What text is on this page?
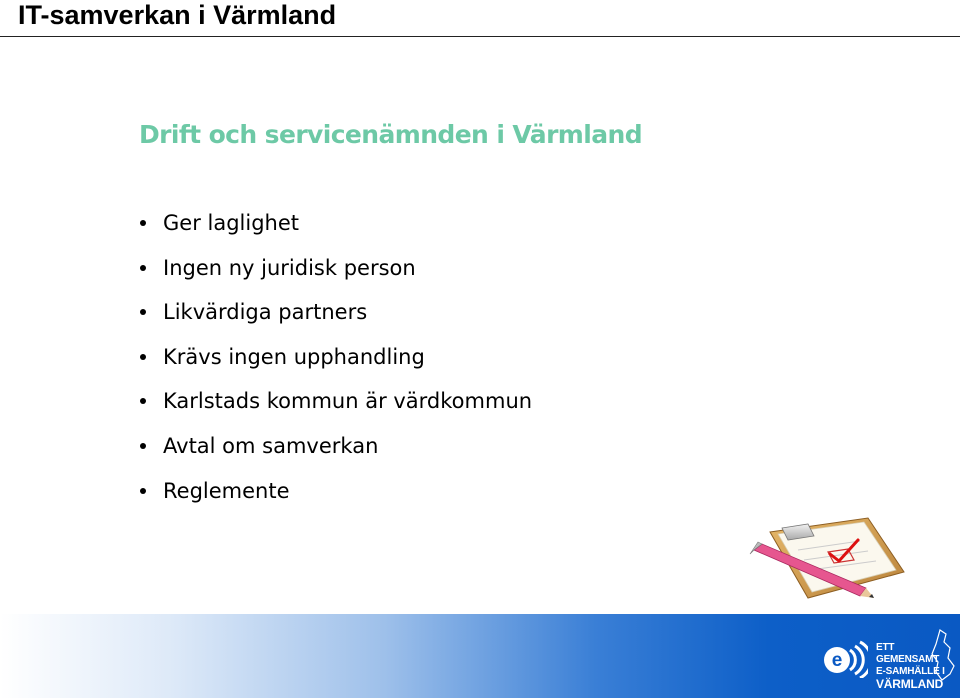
IT-samverkan i Värmland
Drift och servicenämnden i Värmland
Ger laglighet
Ingen ny juridisk person
Likvärdiga partners
Krävs ingen upphandling
Karlstads kommun är värdkommun
Avtal om samverkan
Reglemente
e
ETT GEMENSAMT
E-SAMHÄLLE I
VÄRMLAND
